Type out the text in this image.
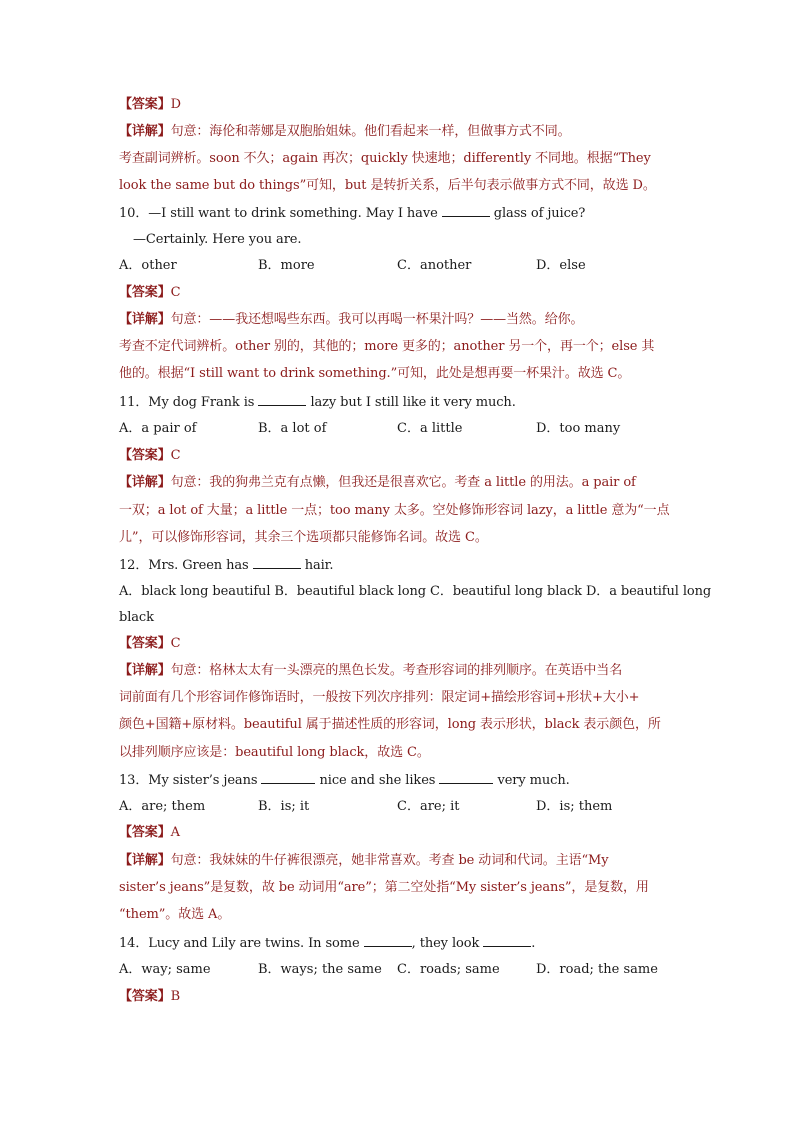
【答案】D
【详解】句意：海伦和蒂娜是双胞胎姐妹。他们看起来一样，但做事方式不同。
考查副词辨析。soon 不久；again 再次；quickly 快速地；differently 不同地。根据“They
look the same but do things”可知，but 是转折关系，后半句表示做事方式不同，故选 D。
10．—I still want to drink something. May I have	glass of juice?
—Certainly. Here you are.
A．other	B．more	C．another	D．else
【答案】C
【详解】句意：——我还想喝些东西。我可以再喝一杯果汁吗？——当然。给你。
考查不定代词辨析。other 别的，其他的；more 更多的；another 另一个，再一个；else 其
他的。根据“I still want to drink something.”可知，此处是想再要一杯果汁。故选 C。
11．My dog Frank is	lazy but I still like it very much.
A．a pair of	B．a lot of	C．a little	D．too many
【答案】C
【详解】句意：我的狗弗兰克有点懒，但我还是很喜欢它。考查 a little 的用法。a pair of
一双；a lot of 大量；a little 一点；too many 太多。空处修饰形容词 lazy，a little 意为“一点
儿”，可以修饰形容词，其余三个选项都只能修饰名词。故选 C。
12．Mrs. Green has	hair.
A．black long beautiful B．beautiful black long C．beautiful long black D．a beautiful long
black
【答案】C
【详解】句意：格林太太有一头漂亮的黑色长发。考查形容词的排列顺序。在英语中当名
词前面有几个形容词作修饰语时，一般按下列次序排列：限定词+描绘形容词+形状+大小+
颜色+国籍+原材料。beautiful 属于描述性质的形容词，long 表示形状，black 表示颜色，所
以排列顺序应该是：beautiful long black，故选 C。
13．My sister’s jeans	nice and she likes	very much.
A．are; them	B．is; it	C．are; it	D．is; them
【答案】A
【详解】句意：我妹妹的牛仔裤很漂亮，她非常喜欢。考查 be 动词和代词。主语“My
sister’s jeans”是复数，故 be 动词用“are”；第二空处指“My sister’s jeans”，是复数，用
“them”。故选 A。
14．Lucy and Lily are twins. In some	, they look	.
A．way; same	B．ways; the same C．roads; same	D．road; the same
【答案】B
